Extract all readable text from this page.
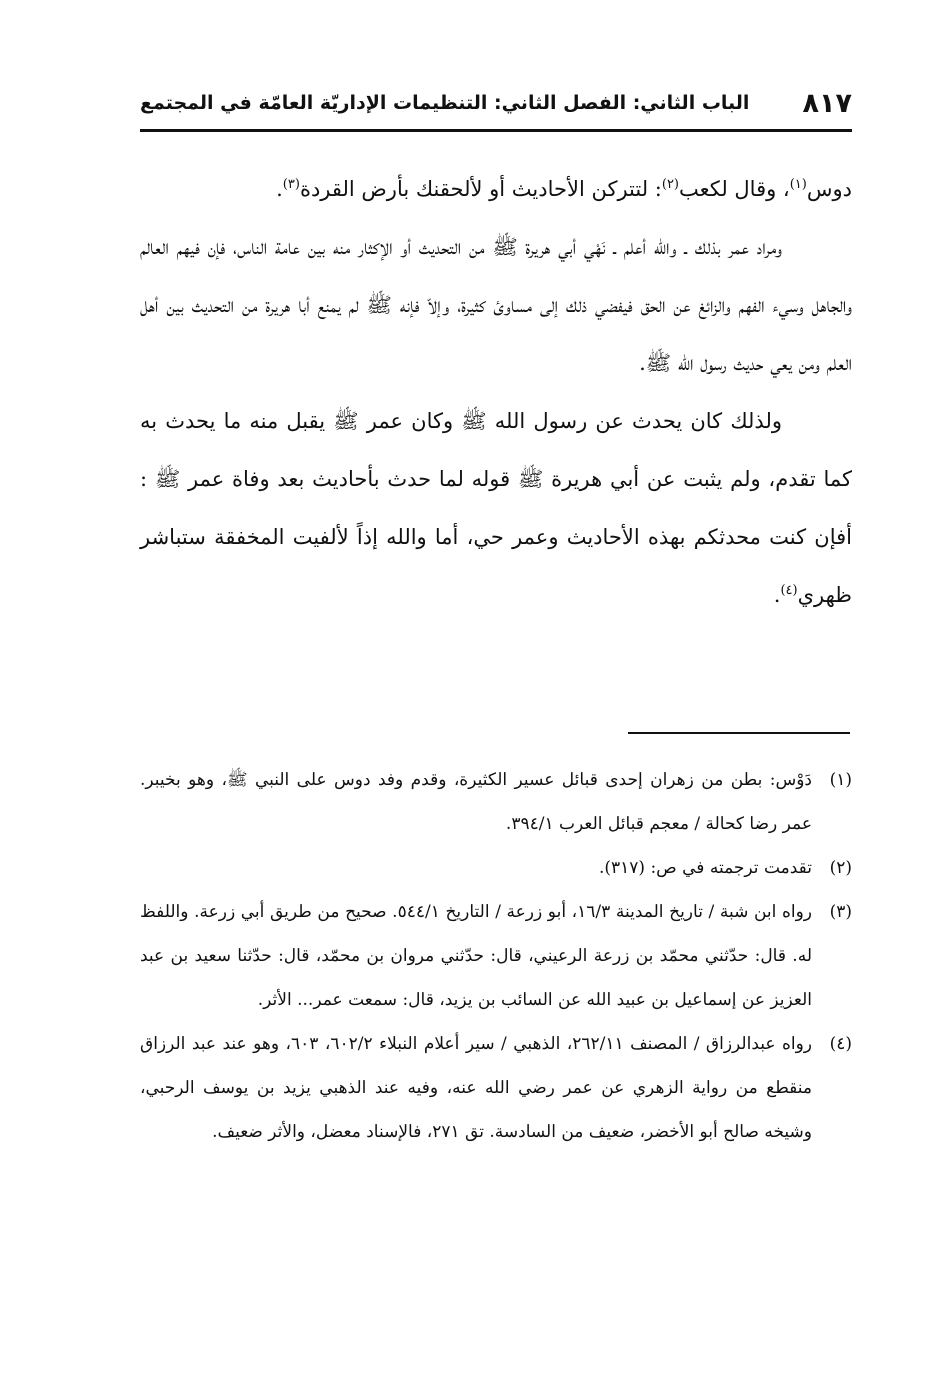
٨١٧
الباب الثاني: الفصل الثاني: التنظيمات الإداريّة العامّة في المجتمع

دوس$^{(١)}$، وقال لكعب$^{(٢)}$: لتتركن الأحاديث أو لألحقنك بأرض القردة$^{(٣)}$.

ومراد عمر بذلك ـ والله أعلم ـ نَهْي أبي هريرة ﷺ من التحديث أو الإكثار منه بين عامة الناس، فإن فيهم العالم والجاهل وسيء الفهم والزائغ عن الحق فيفضي ذلك إلى مساوئ كثيرة، وإلاّ فإنه ﷺ لم يمنع أبا هريرة من التحديث بين أهل العلم ومن يعي حديث رسول الله ﷺ.

ولذلك كان يحدث عن رسول الله ﷺ وكان عمر ﷺ يقبل منه ما يحدث به كما تقدم، ولم يثبت عن أبي هريرة ﷺ قوله لما حدث بأحاديث بعد وفاة عمر ﷺ : أفإن كنت محدثكم بهذه الأحاديث وعمر حي، أما والله إذاً لألفيت المخفقة ستباشر ظهري$^{(٤)}$.

(١)
دَوْس: بطن من زهران إحدى قبائل عسير الكثيرة، وقدم وفد دوس على النبي ﷺ، وهو بخيبر. عمر رضا كحالة / معجم قبائل العرب ٣٩٤/١.
(٢)
تقدمت ترجمته في ص: (٣١٧).
(٣)
رواه ابن شبة / تاريخ المدينة ١٦/٣، أبو زرعة / التاريخ ٥٤٤/١. صحيح من طريق أبي زرعة. واللفظ له. قال: حدّثني محمّد بن زرعة الرعيني، قال: حدّثني مروان بن محمّد، قال: حدّثنا سعيد بن عبد العزيز عن إسماعيل بن عبيد الله عن السائب بن يزيد، قال: سمعت عمر... الأثر.
(٤)
رواه عبدالرزاق / المصنف ٢٦٢/١١، الذهبي / سير أعلام النبلاء ٦٠٢/٢، ٦٠٣، وهو عند عبد الرزاق منقطع من رواية الزهري عن عمر رضي الله عنه، وفيه عند الذهبي يزيد بن يوسف الرحبي، وشيخه صالح أبو الأخضر، ضعيف من السادسة. تق ٢٧١، فالإسناد معضل، والأثر ضعيف.
